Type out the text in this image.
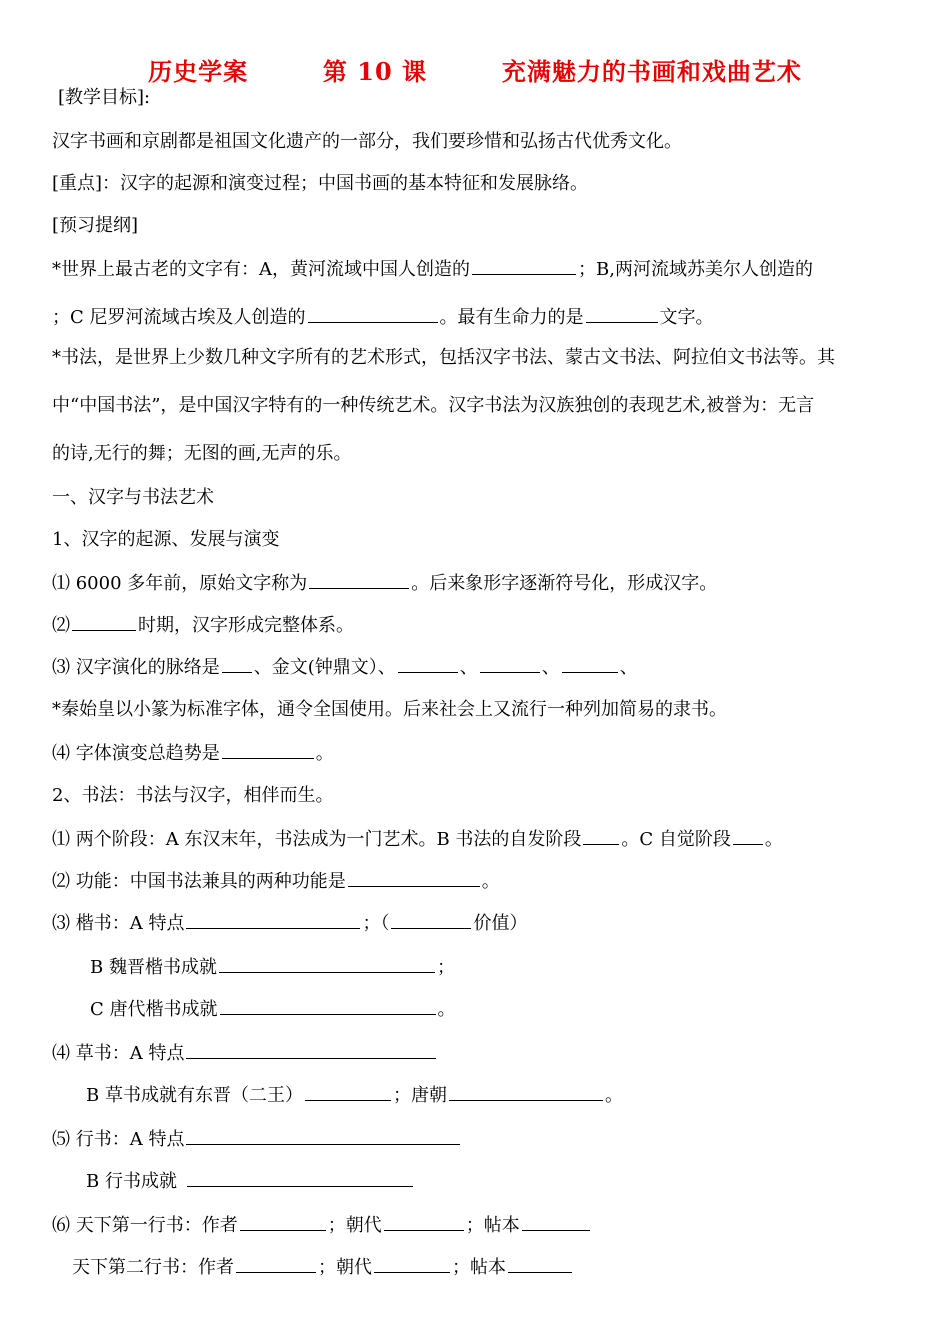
历史学案        第 10 课        充满魅力的书画和戏曲艺术
[教学目标]:
汉字书画和京剧都是祖国文化遗产的一部分，我们要珍惜和弘扬古代优秀文化。
[重点]：汉字的起源和演变过程；中国书画的基本特征和发展脉络。
[预习提纲]
*世界上最古老的文字有：A，黄河流域中国人创造的	；B,两河流域苏美尔人创造的
；C 尼罗河流域古埃及人创造的	。最有生命力的是	文字。
*书法，是世界上少数几种文字所有的艺术形式，包括汉字书法、蒙古文书法、阿拉伯文书法等。其
中“中国书法”，是中国汉字特有的一种传统艺术。汉字书法为汉族独创的表现艺术,被誉为：无言
的诗,无行的舞；无图的画,无声的乐。
一、汉字与书法艺术
1、汉字的起源、发展与演变
⑴ 6000 多年前，原始文字称为	。后来象形字逐渐符号化，形成汉字。
⑵	时期，汉字形成完整体系。
⑶ 汉字演化的脉络是 、金文(钟鼎文）、	、	、	、
*秦始皇以小篆为标准字体，通令全国使用。后来社会上又流行一种列加简易的隶书。
⑷ 字体演变总趋势是	。
2、书法：书法与汉字，相伴而生。
⑴ 两个阶段：A 东汉末年，书法成为一门艺术。B 书法的自发阶段 。C 自觉阶段 。
⑵ 功能：中国书法兼具的两种功能是	。
⑶ 楷书：A 特点	；（	价值）
B 魏晋楷书成就	；
C 唐代楷书成就	。
⑷ 草书：A 特点
B 草书成就有东晋（二王）	；唐朝	。
⑸ 行书：A 特点
B 行书成就
⑹ 天下第一行书：作者	；朝代	；帖本
天下第二行书：作者	；朝代	；帖本
